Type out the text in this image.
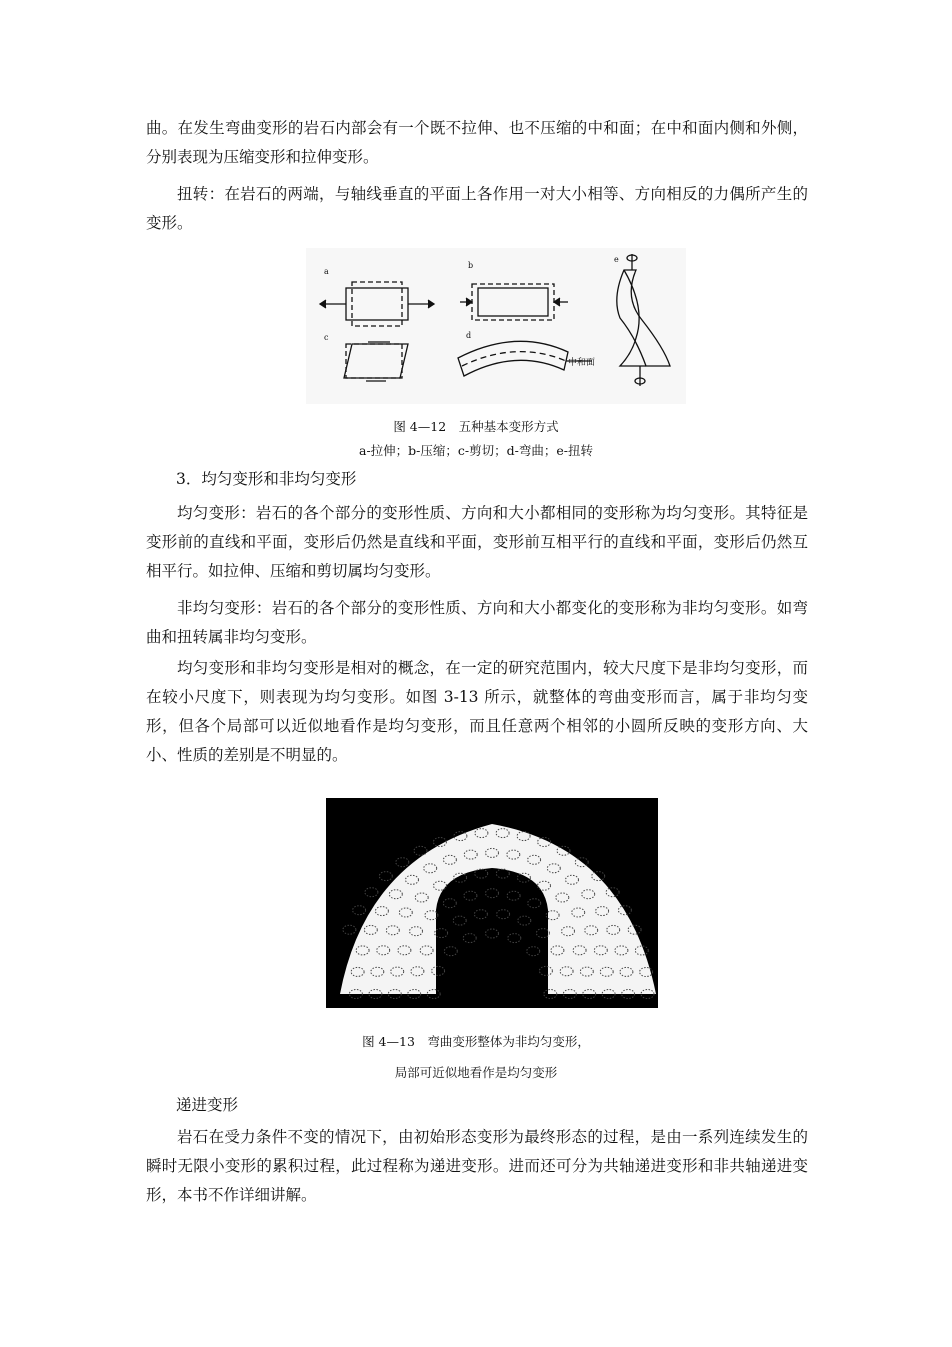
曲。在发生弯曲变形的岩石内部会有一个既不拉伸、也不压缩的中和面；在中和面内侧和外侧，分别表现为压缩变形和拉伸变形。

扭转：在岩石的两端，与轴线垂直的平面上各作用一对大小相等、方向相反的力偶所产生的变形。

a
b
e
c	d
中和面

图 4—12　五种基本变形方式

a-拉伸；b-压缩；c-剪切；d-弯曲；e-扭转

3．均匀变形和非均匀变形

均匀变形：岩石的各个部分的变形性质、方向和大小都相同的变形称为均匀变形。其特征是变形前的直线和平面，变形后仍然是直线和平面，变形前互相平行的直线和平面，变形后仍然互相平行。如拉伸、压缩和剪切属均匀变形。

非均匀变形：岩石的各个部分的变形性质、方向和大小都变化的变形称为非均匀变形。如弯曲和扭转属非均匀变形。

均匀变形和非均匀变形是相对的概念，在一定的研究范围内，较大尺度下是非均匀变形，而在较小尺度下，则表现为均匀变形。如图 3-13 所示，就整体的弯曲变形而言，属于非均匀变形，但各个局部可以近似地看作是均匀变形，而且任意两个相邻的小圆所反映的变形方向、大小、性质的差别是不明显的。

图 4—13　弯曲变形整体为非均匀变形，

局部可近似地看作是均匀变形

递进变形

岩石在受力条件不变的情况下，由初始形态变形为最终形态的过程，是由一系列连续发生的瞬时无限小变形的累积过程，此过程称为递进变形。进而还可分为共轴递进变形和非共轴递进变形，本书不作详细讲解。
